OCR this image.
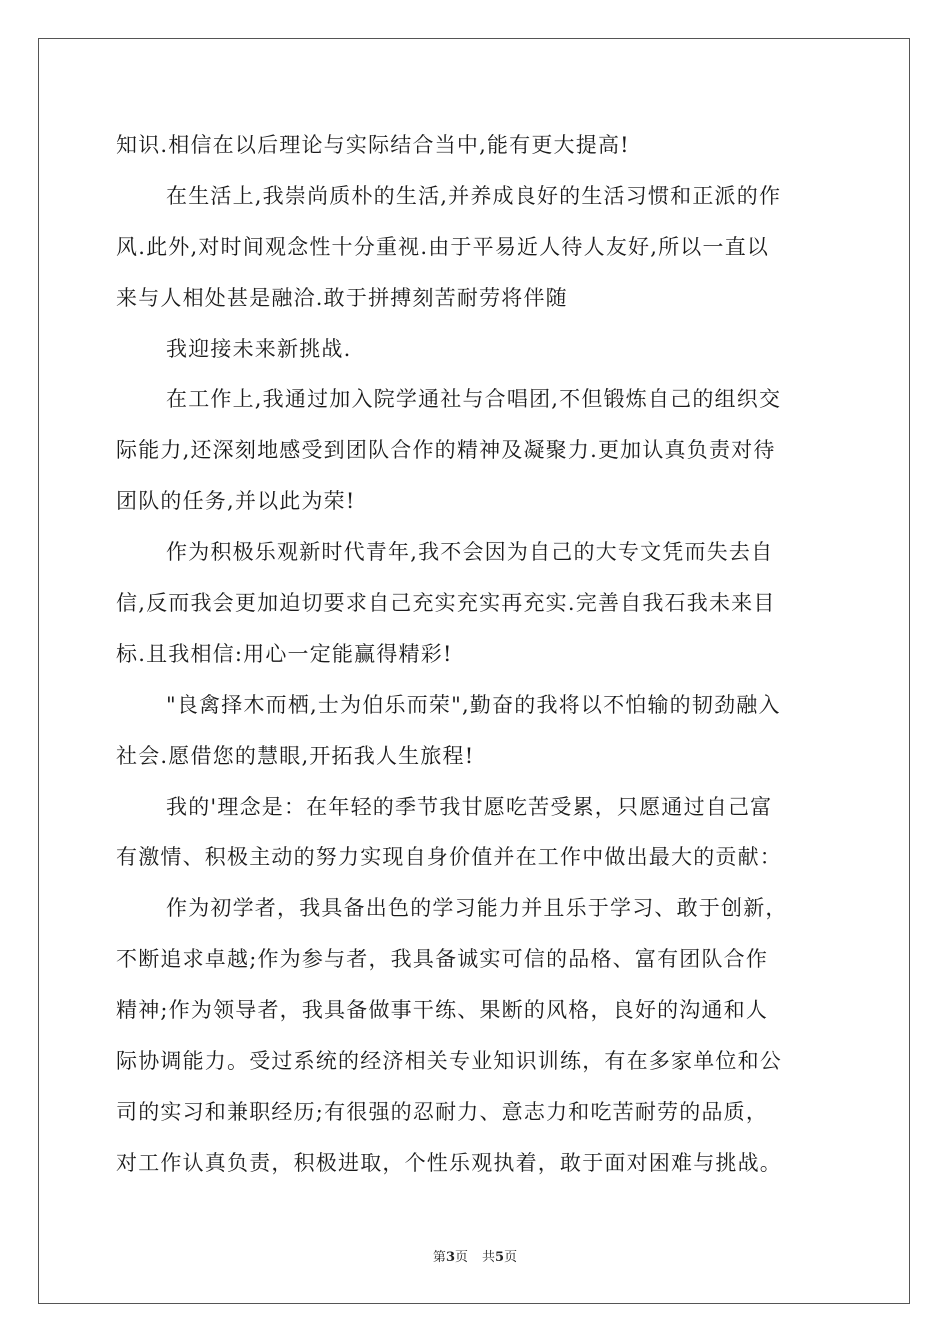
知识.相信在以后理论与实际结合当中,能有更大提高!
在生活上,我崇尚质朴的生活,并养成良好的生活习惯和正派的作
风.此外,对时间观念性十分重视.由于平易近人待人友好,所以一直以
来与人相处甚是融洽.敢于拼搏刻苦耐劳将伴随
我迎接未来新挑战.
在工作上,我通过加入院学通社与合唱团,不但锻炼自己的组织交
际能力,还深刻地感受到团队合作的精神及凝聚力.更加认真负责对待
团队的任务,并以此为荣!
作为积极乐观新时代青年,我不会因为自己的大专文凭而失去自
信,反而我会更加迫切要求自己充实充实再充实.完善自我石我未来目
标.且我相信:用心一定能赢得精彩!
"良禽择木而栖,士为伯乐而荣",勤奋的我将以不怕输的韧劲融入
社会.愿借您的慧眼,开拓我人生旅程!
我的'理念是：在年轻的季节我甘愿吃苦受累，只愿通过自己富
有激情、积极主动的努力实现自身价值并在工作中做出最大的贡献：
作为初学者，我具备出色的学习能力并且乐于学习、敢于创新，
不断追求卓越;作为参与者，我具备诚实可信的品格、富有团队合作
精神;作为领导者，我具备做事干练、果断的风格，良好的沟通和人
际协调能力。受过系统的经济相关专业知识训练，有在多家单位和公
司的实习和兼职经历;有很强的忍耐力、意志力和吃苦耐劳的品质，
对工作认真负责，积极进取，个性乐观执着，敢于面对困难与挑战。
第3页 共5页
